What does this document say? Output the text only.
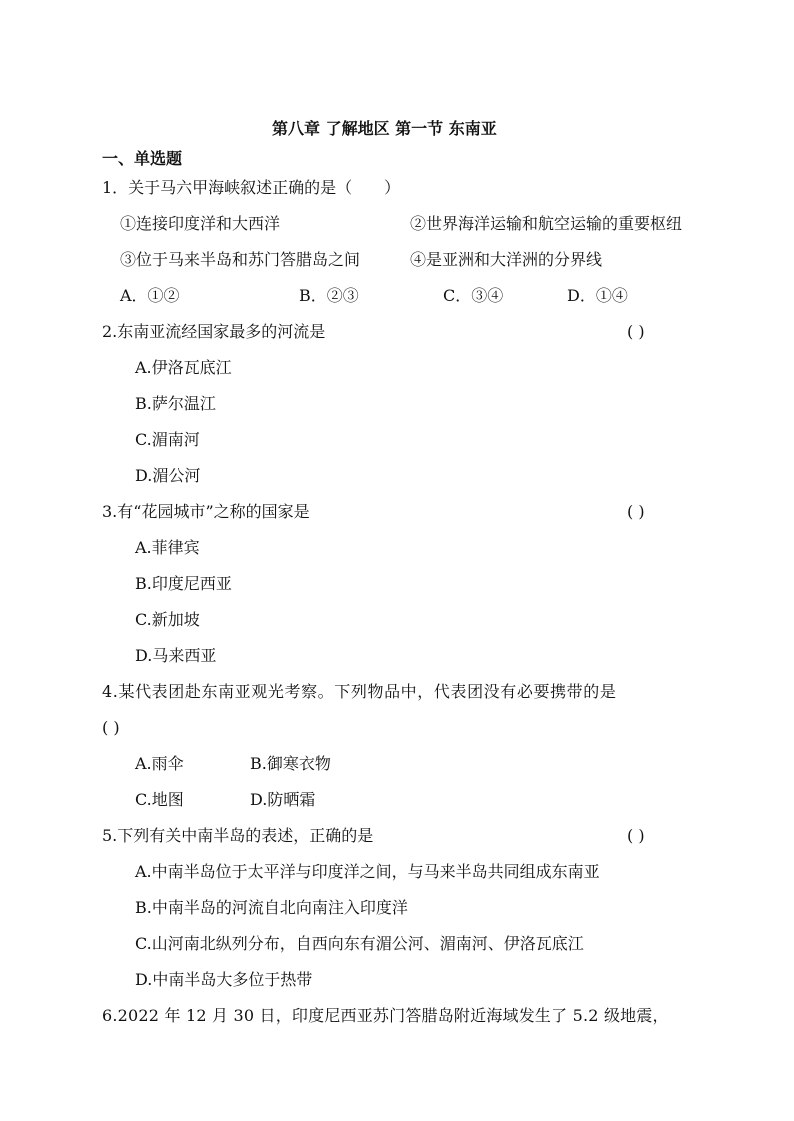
第八章 了解地区 第一节 东南亚
一、单选题
1．关于马六甲海峡叙述正确的是（　　）
①连接印度洋和大西洋	②世界海洋运输和航空运输的重要枢纽
③位于马来半岛和苏门答腊岛之间	④是亚洲和大洋洲的分界线
A．①②	B．②③	C．③④	D．①④
2.东南亚流经国家最多的河流是	( )
A.伊洛瓦底江
B.萨尔温江
C.湄南河
D.湄公河
3.有“花园城市”之称的国家是	( )
A.菲律宾
B.印度尼西亚
C.新加坡
D.马来西亚
4.某代表团赴东南亚观光考察。下列物品中，代表团没有必要携带的是
( )
A.雨伞	B.御寒衣物
C.地图	D.防晒霜
5.下列有关中南半岛的表述，正确的是	( )
A.中南半岛位于太平洋与印度洋之间，与马来半岛共同组成东南亚
B.中南半岛的河流自北向南注入印度洋
C.山河南北纵列分布，自西向东有湄公河、湄南河、伊洛瓦底江
D.中南半岛大多位于热带
6.2022 年 12 月 30 日，印度尼西亚苏门答腊岛附近海域发生了 5.2 级地震，
